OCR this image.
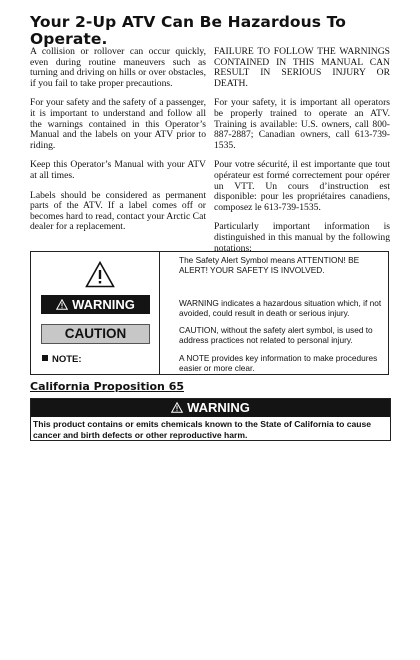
Your 2-Up ATV Can Be Hazardous To Operate.

A collision or rollover can occur quickly, even during routine maneuvers such as turning and driving on hills or over obstacles, if you fail to take proper precautions.

For your safety and the safety of a passenger, it is important to understand and follow all the warnings contained in this Operator’s Manual and the labels on your ATV prior to riding.

Keep this Operator’s Manual with your ATV at all times.

Labels should be considered as permanent parts of the ATV. If a label comes off or becomes hard to read, contact your Arctic Cat dealer for a replacement.

FAILURE TO FOLLOW THE WARNINGS CONTAINED IN THIS MANUAL CAN RESULT IN SERIOUS INJURY OR DEATH.

For your safety, it is important all operators be properly trained to operate an ATV. Training is available: U.S. owners, call 800-887-2887; Canadian owners, call 613-739-1535.

Pour votre sécurité, il est importante que tout opérateur est formé correctement pour opérer un VTT. Un cours d’instruction est disponible: pour les propriétaires canadiens, composez le 613-739-1535.

Particularly important information is distinguished in this manual by the following notations:

WARNING
CAUTION
NOTE:
The Safety Alert Symbol means ATTENTION! BE ALERT! YOUR SAFETY IS INVOLVED.
WARNING indicates a hazardous situation which, if not avoided, could result in death or serious injury.
CAUTION, without the safety alert symbol, is used to address practices not related to personal injury.
A NOTE provides key information to make procedures easier or more clear.
California Proposition 65
WARNING
This product contains or emits chemicals known to the State of California to cause cancer and birth defects or other reproductive harm.
